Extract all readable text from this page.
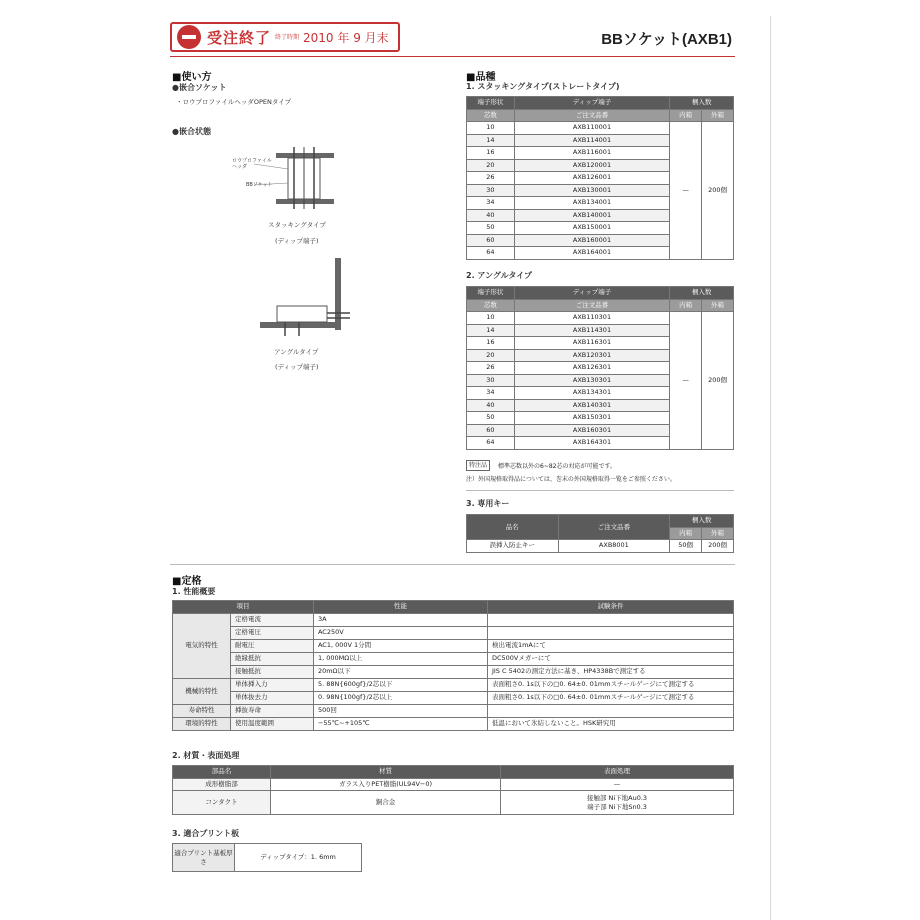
受注終了 終了時期 2010 年 9 月末	BBソケット(AXB1)
■使い方
●嵌合ソケット
・ロウプロファイルヘッダOPENタイプ
●嵌合状態
ロウプロファイルヘッダ
BBソケット
スタッキングタイプ
(ディップ端子)
アングルタイプ
(ディップ端子)
■品種
1. スタッキングタイプ(ストレートタイプ)
端子形状	ディップ端子	梱入数	
芯数	ご注文品番	内箱	外箱
10	AXB110001	—	200個
14	AXB114001		
16	AXB116001		
20	AXB120001		
26	AXB126001		
30	AXB130001		
34	AXB134001		
40	AXB140001		
50	AXB150001		
60	AXB160001		
64	AXB164001		
2. アングルタイプ
端子形状	ディップ端子	梱入数	
芯数	ご注文品番	内箱	外箱
10	AXB110301	—	200個
14	AXB114301		
16	AXB116301		
20	AXB120301		
26	AXB126301		
30	AXB130301		
34	AXB134301		
40	AXB140301		
50	AXB150301		
60	AXB160301		
64	AXB164301		
特注品	標準芯数以外の6~82芯の対応が可能です。
注）外国規格取得品については、巻末の外国規格取得一覧をご参照ください。
3. 専用キー
品名	ご注文品番	梱入数	
		内箱	外箱
誤挿入防止キー	AXB8001	50個	200個
■定格
1. 性能概要
項目		性能	試験条件
電気的特性	定格電流	3A	
	定格電圧	AC250V	
	耐電圧	AC1, 000V 1分間	検出電流1mAにて
	絶縁抵抗	1, 000MΩ以上	DC500Vメガーにて
	接触抵抗	20mΩ以下	JIS C 5402の測定方法に基き、HP4338Bで測定する
機械的特性	単体挿入力	5. 88N{600gf}/2芯以下	表面粗さ0. 1s以下の□0. 64±0. 01mmスチールゲージにて測定する
	単体抜去力	0. 98N{100gf}/2芯以上	表面粗さ0. 1s以下の□0. 64±0. 01mmスチールゲージにて測定する
寿命特性	挿抜寿命	500回	
環境的特性	使用温度範囲	−55℃~+105℃	低温において氷結しないこと。HSK研究用
2. 材質・表面処理
部品名	材質	表面処理
成形樹脂部	ガラス入りPET樹脂(UL94V−0)	—
コンタクト	銅合金	接触部 Ni下地Au0.3
端子部 Ni下地Sn0.3
3. 適合プリント板
適合プリント基板厚さ	ディップタイプ：1. 6mm
